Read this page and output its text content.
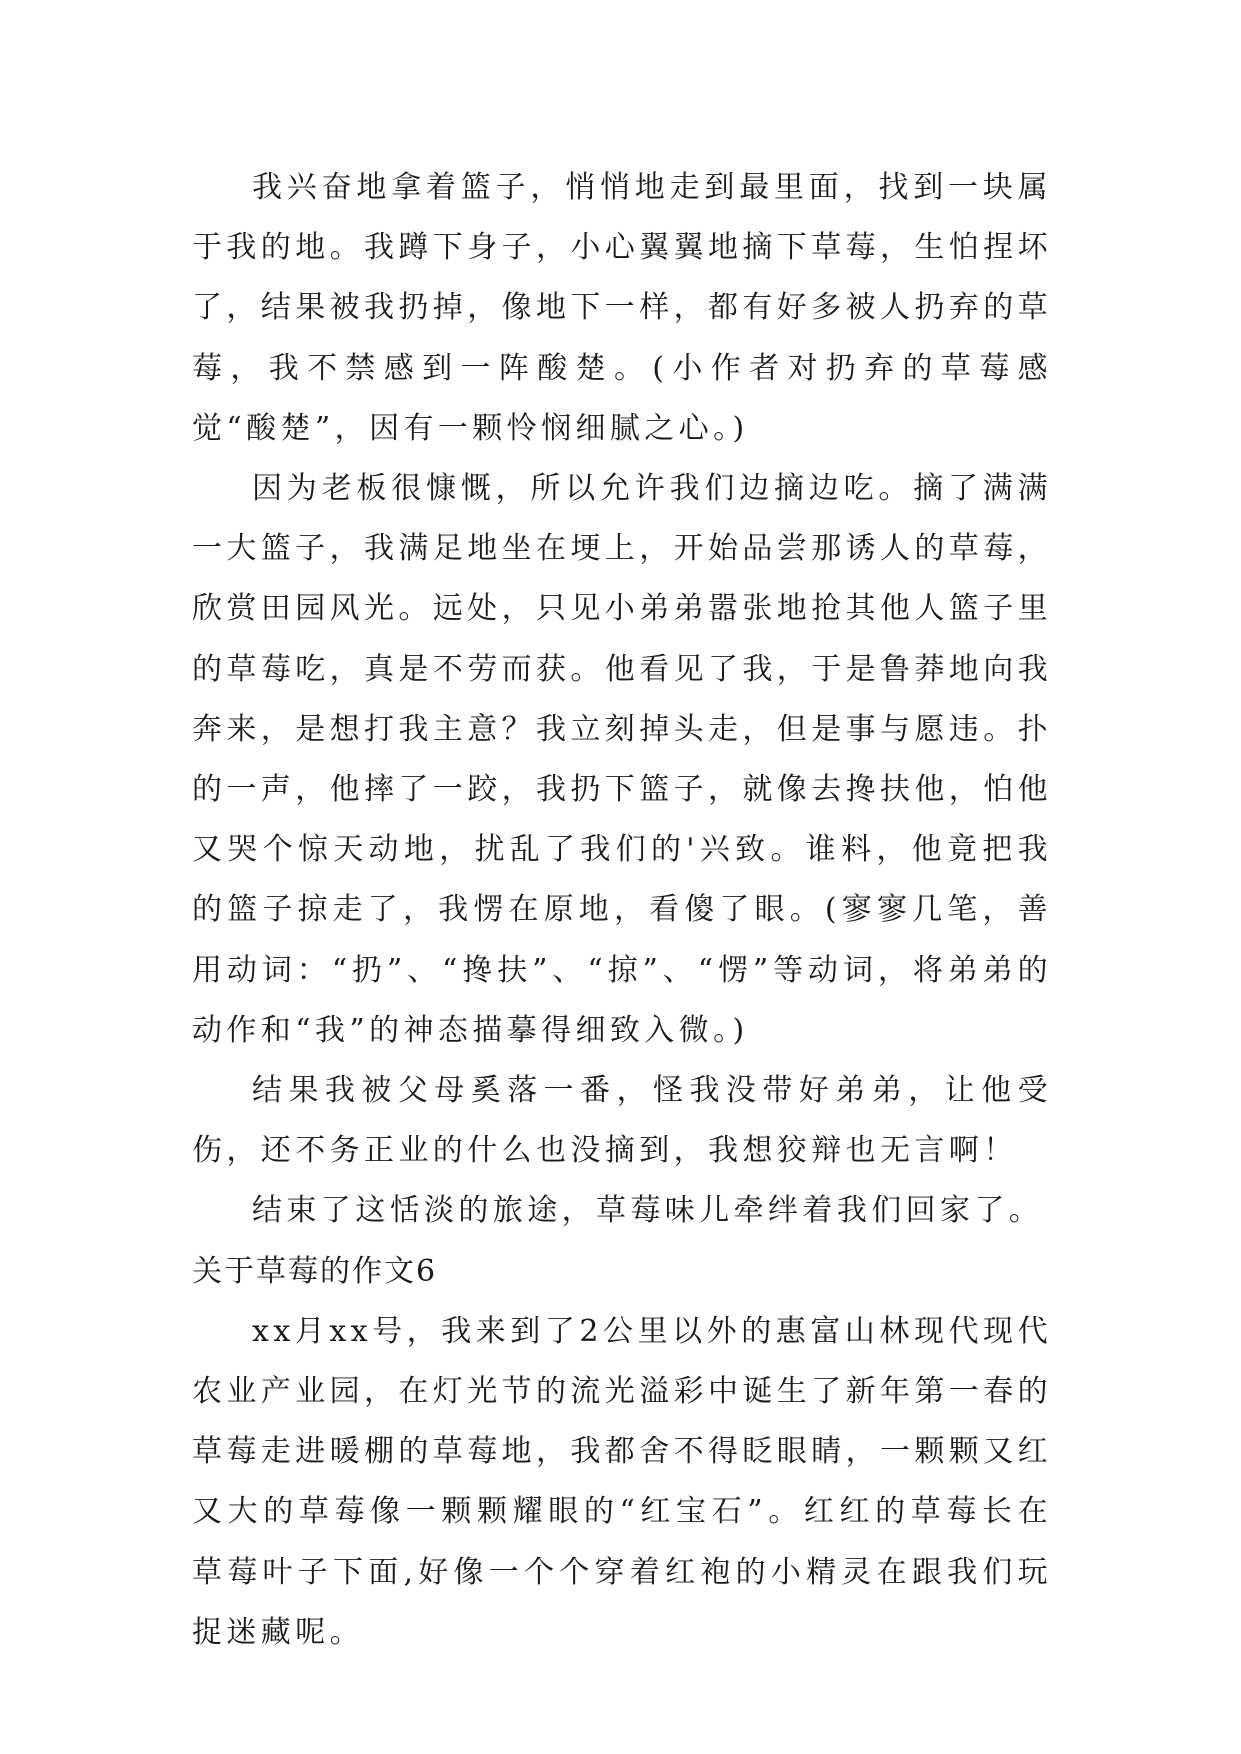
我兴奋地拿着篮子，悄悄地走到最里面，找到一块属于我的地。我蹲下身子，小心翼翼地摘下草莓，生怕捏坏了，结果被我扔掉，像地下一样，都有好多被人扔弃的草莓，我不禁感到一阵酸楚。(小作者对扔弃的草莓感觉“酸楚”，因有一颗怜悯细腻之心。)

因为老板很慷慨，所以允许我们边摘边吃。摘了满满一大篮子，我满足地坐在埂上，开始品尝那诱人的草莓，欣赏田园风光。远处，只见小弟弟嚣张地抢其他人篮子里的草莓吃，真是不劳而获。他看见了我，于是鲁莽地向我奔来，是想打我主意？我立刻掉头走，但是事与愿违。扑的一声，他摔了一跤，我扔下篮子，就像去搀扶他，怕他又哭个惊天动地，扰乱了我们的'兴致。谁料，他竟把我的篮子掠走了，我愣在原地，看傻了眼。(寥寥几笔，善用动词：“扔”、“搀扶”、“掠”、“愣”等动词，将弟弟的动作和“我”的神态描摹得细致入微。)

结果我被父母奚落一番，怪我没带好弟弟，让他受伤，还不务正业的什么也没摘到，我想狡辩也无言啊！

结束了这恬淡的旅途，草莓味儿牵绊着我们回家了。

关于草莓的作文6

xx月xx号，我来到了2公里以外的惠富山林现代现代农业产业园，在灯光节的流光溢彩中诞生了新年第一春的草莓走进暖棚的草莓地，我都舍不得眨眼睛，一颗颗又红又大的草莓像一颗颗耀眼的“红宝石”。红红的草莓长在草莓叶子下面,好像一个个穿着红袍的小精灵在跟我们玩捉迷藏呢。
